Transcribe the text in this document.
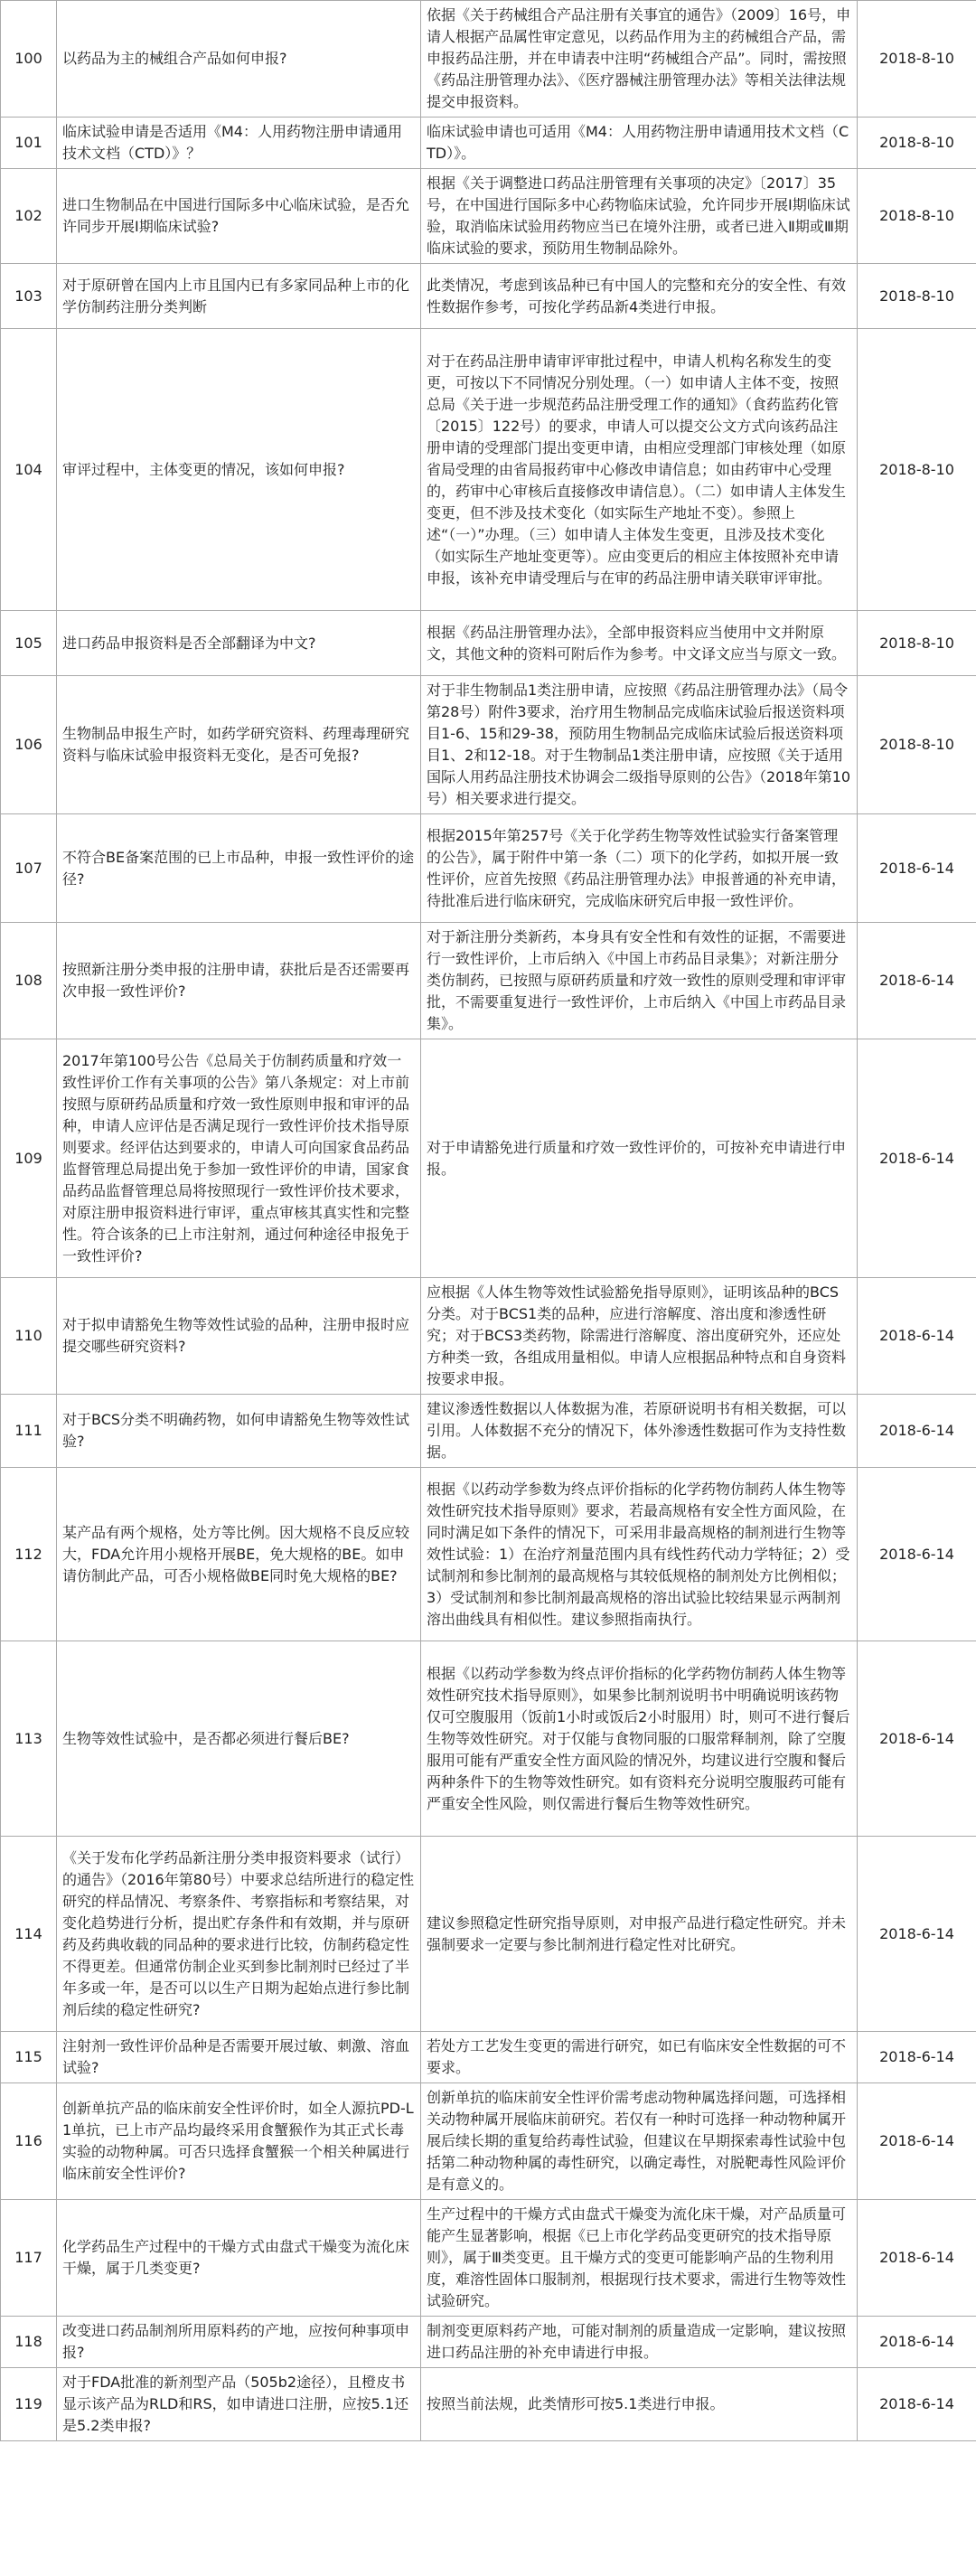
100	以药品为主的械组合产品如何申报?	依据《关于药械组合产品注册有关事宜的通告》（2009〕16号，申请人根据产品属性审定意见，以药品作用为主的药械组合产品，需申报药品注册，并在申请表中注明“药械组合产品”。同时，需按照《药品注册管理办法》、《医疗器械注册管理办法》等相关法律法规提交申报资料。	2018-8-10
101	临床试验申请是否适用《M4：人用药物注册申请通用技术文档（CTD）》？	临床试验申请也可适用《M4：人用药物注册申请通用技术文档（CTD）》。	2018-8-10
102	进口生物制品在中国进行国际多中心临床试验，是否允许同步开展Ⅰ期临床试验?	根据《关于调整进口药品注册管理有关事项的决定》〔2017〕35号，在中国进行国际多中心药物临床试验，允许同步开展Ⅰ期临床试验，取消临床试验用药物应当已在境外注册，或者已进入Ⅱ期或Ⅲ期临床试验的要求，预防用生物制品除外。	2018-8-10
103	对于原研曾在国内上市且国内已有多家同品种上市的化学仿制药注册分类判断	此类情况，考虑到该品种已有中国人的完整和充分的安全性、有效性数据作参考，可按化学药品新4类进行申报。	2018-8-10
104	审评过程中，主体变更的情况，该如何申报?	对于在药品注册申请审评审批过程中，申请人机构名称发生的变更，可按以下不同情况分别处理。（一）如申请人主体不变，按照总局《关于进一步规范药品注册受理工作的通知》（食药监药化管〔2015〕122号）的要求，申请人可以提交公文方式向该药品注册申请的受理部门提出变更申请，由相应受理部门审核处理（如原省局受理的由省局报药审中心修改申请信息；如由药审中心受理的，药审中心审核后直接修改申请信息）。（二）如申请人主体发生变更，但不涉及技术变化（如实际生产地址不变）。参照上述“（一）”办理。（三）如申请人主体发生变更，且涉及技术变化（如实际生产地址变更等）。应由变更后的相应主体按照补充申请申报，该补充申请受理后与在审的药品注册申请关联审评审批。	2018-8-10
105	进口药品申报资料是否全部翻译为中文?	根据《药品注册管理办法》，全部申报资料应当使用中文并附原文，其他文种的资料可附后作为参考。中文译文应当与原文一致。	2018-8-10
106	生物制品申报生产时，如药学研究资料、药理毒理研究资料与临床试验申报资料无变化，是否可免报?	对于非生物制品1类注册申请，应按照《药品注册管理办法》（局令第28号）附件3要求，治疗用生物制品完成临床试验后报送资料项目1-6、15和29-38，预防用生物制品完成临床试验后报送资料项目1、2和12-18。对于生物制品1类注册申请，应按照《关于适用国际人用药品注册技术协调会二级指导原则的公告》（2018年第10号）相关要求进行提交。	2018-8-10
107	不符合BE备案范围的已上市品种，申报一致性评价的途径?	根据2015年第257号《关于化学药生物等效性试验实行备案管理的公告》，属于附件中第一条（二）项下的化学药，如拟开展一致性评价，应首先按照《药品注册管理办法》申报普通的补充申请，待批准后进行临床研究，完成临床研究后申报一致性评价。	2018-6-14
108	按照新注册分类申报的注册申请，获批后是否还需要再次申报一致性评价?	对于新注册分类新药，本身具有安全性和有效性的证据，不需要进行一致性评价，上市后纳入《中国上市药品目录集》；对新注册分类仿制药，已按照与原研药质量和疗效一致性的原则受理和审评审批，不需要重复进行一致性评价，上市后纳入《中国上市药品目录集》。	2018-6-14
109	2017年第100号公告《总局关于仿制药质量和疗效一致性评价工作有关事项的公告》第八条规定：对上市前按照与原研药品质量和疗效一致性原则申报和审评的品种，申请人应评估是否满足现行一致性评价技术指导原则要求。经评估达到要求的，申请人可向国家食品药品监督管理总局提出免于参加一致性评价的申请，国家食品药品监督管理总局将按照现行一致性评价技术要求，对原注册申报资料进行审评，重点审核其真实性和完整性。符合该条的已上市注射剂，通过何种途径申报免于一致性评价?	对于申请豁免进行质量和疗效一致性评价的，可按补充申请进行申报。	2018-6-14
110	对于拟申请豁免生物等效性试验的品种，注册申报时应提交哪些研究资料?	应根据《人体生物等效性试验豁免指导原则》，证明该品种的BCS分类。对于BCS1类的品种，应进行溶解度、溶出度和渗透性研究；对于BCS3类药物，除需进行溶解度、溶出度研究外，还应处方种类一致，各组成用量相似。申请人应根据品种特点和自身资料按要求申报。	2018-6-14
111	对于BCS分类不明确药物，如何申请豁免生物等效性试验?	建议渗透性数据以人体数据为准，若原研说明书有相关数据，可以引用。人体数据不充分的情况下，体外渗透性数据可作为支持性数据。	2018-6-14
112	某产品有两个规格，处方等比例。因大规格不良反应较大，FDA允许用小规格开展BE，免大规格的BE。如申请仿制此产品，可否小规格做BE同时免大规格的BE?	根据《以药动学参数为终点评价指标的化学药物仿制药人体生物等效性研究技术指导原则》要求，若最高规格有安全性方面风险，在同时满足如下条件的情况下，可采用非最高规格的制剂进行生物等效性试验：1）在治疗剂量范围内具有线性药代动力学特征；2）受试制剂和参比制剂的最高规格与其较低规格的制剂处方比例相似；3）受试制剂和参比制剂最高规格的溶出试验比较结果显示两制剂溶出曲线具有相似性。建议参照指南执行。	2018-6-14
113	生物等效性试验中，是否都必须进行餐后BE?	根据《以药动学参数为终点评价指标的化学药物仿制药人体生物等效性研究技术指导原则》，如果参比制剂说明书中明确说明该药物仅可空腹服用（饭前1小时或饭后2小时服用）时，则可不进行餐后生物等效性研究。对于仅能与食物同服的口服常释制剂，除了空腹服用可能有严重安全性方面风险的情况外，均建议进行空腹和餐后两种条件下的生物等效性研究。如有资料充分说明空腹服药可能有严重安全性风险，则仅需进行餐后生物等效性研究。	2018-6-14
114	《关于发布化学药品新注册分类申报资料要求（试行）的通告》（2016年第80号）中要求总结所进行的稳定性研究的样品情况、考察条件、考察指标和考察结果，对变化趋势进行分析，提出贮存条件和有效期，并与原研药及药典收载的同品种的要求进行比较，仿制药稳定性不得更差。但通常仿制企业买到参比制剂时已经过了半年多或一年，是否可以以生产日期为起始点进行参比制剂后续的稳定性研究?	建议参照稳定性研究指导原则，对申报产品进行稳定性研究。并未强制要求一定要与参比制剂进行稳定性对比研究。	2018-6-14
115	注射剂一致性评价品种是否需要开展过敏、刺激、溶血试验?	若处方工艺发生变更的需进行研究，如已有临床安全性数据的可不要求。	2018-6-14
116	创新单抗产品的临床前安全性评价时，如全人源抗PD-L1单抗，已上市产品均最终采用食蟹猴作为其正式长毒实验的动物种属。可否只选择食蟹猴一个相关种属进行临床前安全性评价?	创新单抗的临床前安全性评价需考虑动物种属选择问题，可选择相关动物种属开展临床前研究。若仅有一种时可选择一种动物种属开展后续长期的重复给药毒性试验，但建议在早期探索毒性试验中包括第二种动物种属的毒性研究，以确定毒性，对脱靶毒性风险评价是有意义的。	2018-6-14
117	化学药品生产过程中的干燥方式由盘式干燥变为流化床干燥，属于几类变更?	生产过程中的干燥方式由盘式干燥变为流化床干燥，对产品质量可能产生显著影响，根据《已上市化学药品变更研究的技术指导原则》，属于Ⅲ类变更。且干燥方式的变更可能影响产品的生物利用度，难溶性固体口服制剂，根据现行技术要求，需进行生物等效性试验研究。	2018-6-14
118	改变进口药品制剂所用原料药的产地，应按何种事项申报?	制剂变更原料药产地，可能对制剂的质量造成一定影响，建议按照进口药品注册的补充申请进行申报。	2018-6-14
119	对于FDA批准的新剂型产品（505b2途径），且橙皮书显示该产品为RLD和RS，如申请进口注册，应按5.1还是5.2类申报?	按照当前法规，此类情形可按5.1类进行申报。	2018-6-14
